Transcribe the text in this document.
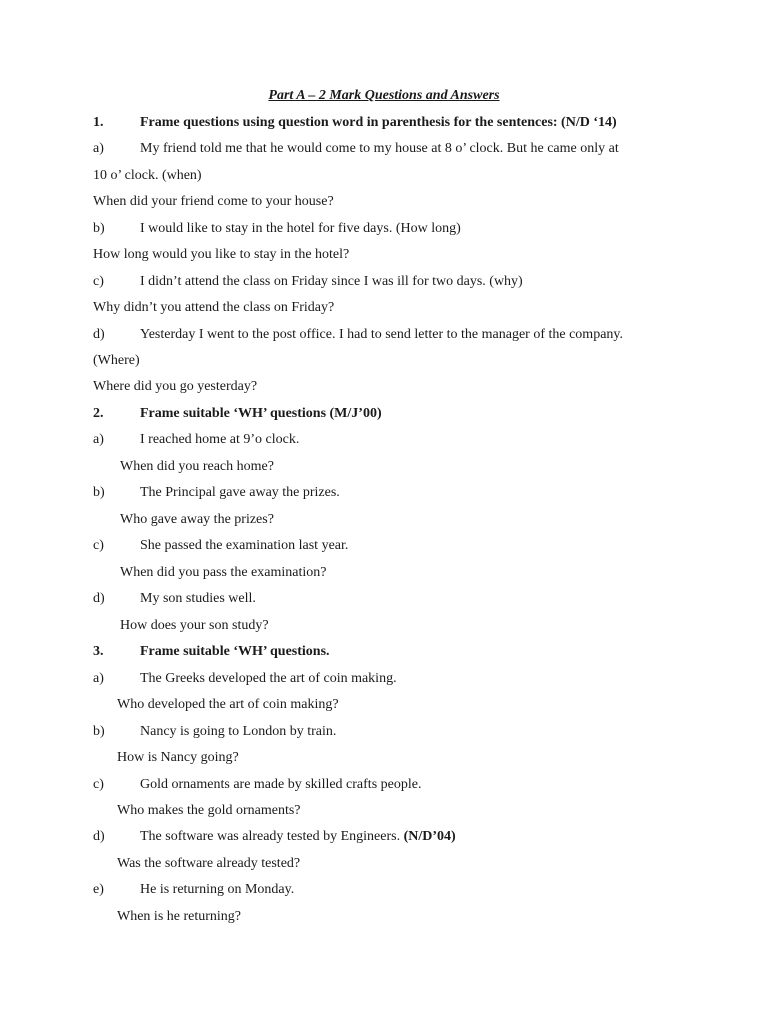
Part A – 2 Mark Questions and Answers
1.	Frame questions using question word in parenthesis for the sentences: (N/D ‘14)
a)	My friend told me that he would come to my house at 8 o’ clock. But he came only at
10 o’ clock. (when)
When did your friend come to your house?
b)	I would like to stay in the hotel for five days. (How long)
How long would you like to stay in the hotel?
c)	I didn’t attend the class on Friday since I was ill for two days. (why)
Why didn’t you attend the class on Friday?
d)	Yesterday I went to the post office. I had to send letter to the manager of the company.
(Where)
Where did you go yesterday?
2.	Frame suitable ‘WH’ questions (M/J’00)
a)	I reached home at 9’o clock.
When did you reach home?
b)	The Principal gave away the prizes.
Who gave away the prizes?
c)	She passed the examination last year.
When did you pass the examination?
d)	My son studies well.
How does your son study?
3.	Frame suitable ‘WH’ questions.
a)	The Greeks developed the art of coin making.
Who developed the art of coin making?
b)	Nancy is going to London by train.
How is Nancy going?
c)	Gold ornaments are made by skilled crafts people.
Who makes the gold ornaments?
d)	The software was already tested by Engineers. (N/D’04)
Was the software already tested?
e)	He is returning on Monday.
When is he returning?
